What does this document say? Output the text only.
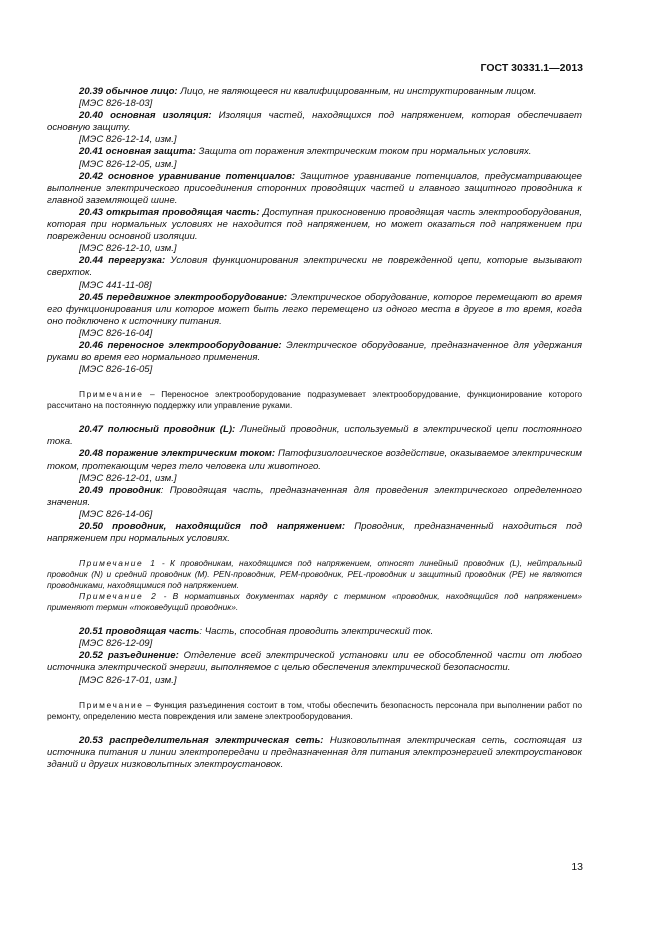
ГОСТ 30331.1—2013

20.39 обычное лицо: Лицо, не являющееся ни квалифицированным, ни инструктированным лицом.

[МЭС 826-18-03]

20.40 основная изоляция: Изоляция частей, находящихся под напряжением, которая обеспечивает основную защиту.

[МЭС 826-12-14, изм.]

20.41 основная защита: Защита от поражения электрическим током при нормальных условиях.

[МЭС 826-12-05, изм.]

20.42 основное уравнивание потенциалов: Защитное уравнивание потенциалов, предусматривающее выполнение электрического присоединения сторонних проводящих частей и главного защитного проводника к главной заземляющей шине.

20.43 открытая проводящая часть: Доступная прикосновению проводящая часть электрооборудования, которая при нормальных условиях не находится под напряжением, но может оказаться под напряжением при повреждении основной изоляции.

[МЭС 826-12-10, изм.]

20.44 перегрузка: Условия функционирования электрически не поврежденной цепи, которые вызывают сверхток.

[МЭС 441-11-08]

20.45 передвижное электрооборудование: Электрическое оборудование, которое перемещают во время его функционирования или которое может быть легко перемещено из одного места в другое в то время, когда оно подключено к источнику питания.

[МЭС 826-16-04]

20.46 переносное электрооборудование: Электрическое оборудование, предназначенное для удержания руками во время его нормального применения.

[МЭС 826-16-05]

Примечание – Переносное электрооборудование подразумевает электрооборудование, функционирование которого рассчитано на постоянную поддержку или управление руками.

20.47 полюсный проводник (L): Линейный проводник, используемый в электрической цепи постоянного тока.

20.48 поражение электрическим током: Патофизиологическое воздействие, оказываемое электрическим током, протекающим через тело человека или животного.

[МЭС 826-12-01, изм.]

20.49 проводник: Проводящая часть, предназначенная для проведения электрического определенного значения.

[МЭС 826-14-06]

20.50 проводник, находящийся под напряжением: Проводник, предназначенный находиться под напряжением при нормальных условиях.

Примечание 1 - К проводникам, находящимся под напряжением, относят линейный проводник (L), нейтральный проводник (N) и средний проводник (M). PEN-проводник, PEM-проводник, PEL-проводник и защитный проводник (PE) не являются проводниками, находящимися под напряжением.

Примечание 2 - В нормативных документах наряду с термином «проводник, находящийся под напряжением» применяют термин «токоведущий проводник».

20.51 проводящая часть: Часть, способная проводить электрический ток.

[МЭС 826-12-09]

20.52 разъединение: Отделение всей электрической установки или ее обособленной части от любого источника электрической энергии, выполняемое с целью обеспечения электрической безопасности.

[МЭС 826-17-01, изм.]

Примечание – Функция разъединения состоит в том, чтобы обеспечить безопасность персонала при выполнении работ по ремонту, определению места повреждения или замене электрооборудования.

20.53 распределительная электрическая сеть: Низковольтная электрическая сеть, состоящая из источника питания и линии электропередачи и предназначенная для питания электроэнергией электроустановок зданий и других низковольтных электроустановок.

13
